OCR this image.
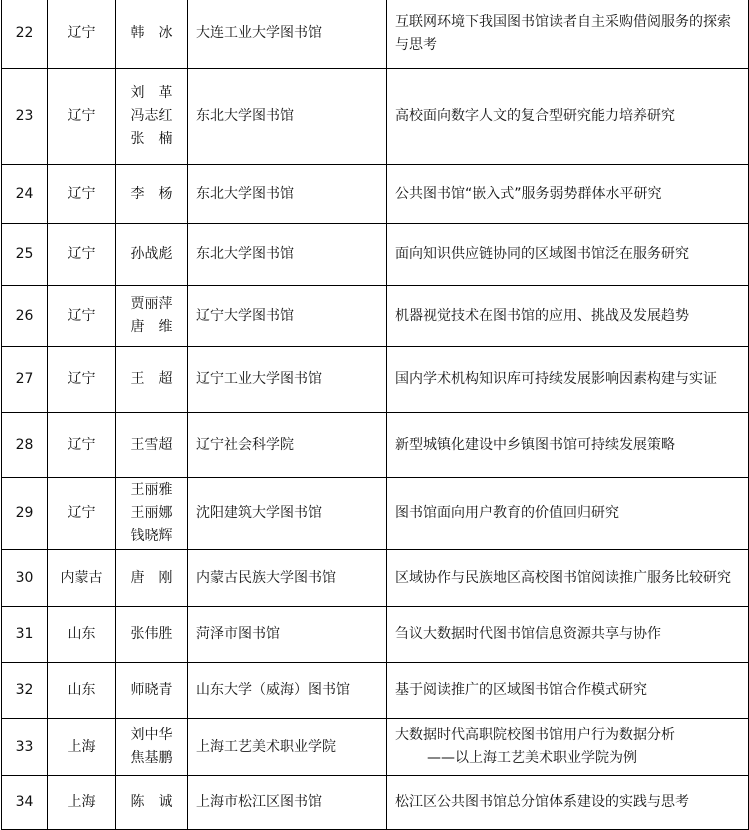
22	辽宁	韩　冰	大连工业大学图书馆	互联网环境下我国图书馆读者自主采购借阅服务的探索与思考
23	辽宁	刘　革
冯志红
张　楠	东北大学图书馆	高校面向数字人文的复合型研究能力培养研究
24	辽宁	李　杨	东北大学图书馆	公共图书馆“嵌入式”服务弱势群体水平研究
25	辽宁	孙战彪	东北大学图书馆	面向知识供应链协同的区域图书馆泛在服务研究
26	辽宁	贾丽萍
唐　维	辽宁大学图书馆	机器视觉技术在图书馆的应用、挑战及发展趋势
27	辽宁	王　超	辽宁工业大学图书馆	国内学术机构知识库可持续发展影响因素构建与实证
28	辽宁	王雪超	辽宁社会科学院	新型城镇化建设中乡镇图书馆可持续发展策略
29	辽宁	王丽雅
王丽娜
钱晓辉	沈阳建筑大学图书馆	图书馆面向用户教育的价值回归研究
30	内蒙古	唐　刚	内蒙古民族大学图书馆	区域协作与民族地区高校图书馆阅读推广服务比较研究
31	山东	张伟胜	菏泽市图书馆	刍议大数据时代图书馆信息资源共享与协作
32	山东	师晓青	山东大学（威海）图书馆	基于阅读推广的区域图书馆合作模式研究
33	上海	刘中华
焦基鹏	上海工艺美术职业学院	大数据时代高职院校图书馆用户行为数据分析
——以上海工艺美术职业学院为例

34	上海	陈　诚	上海市松江区图书馆	松江区公共图书馆总分馆体系建设的实践与思考
